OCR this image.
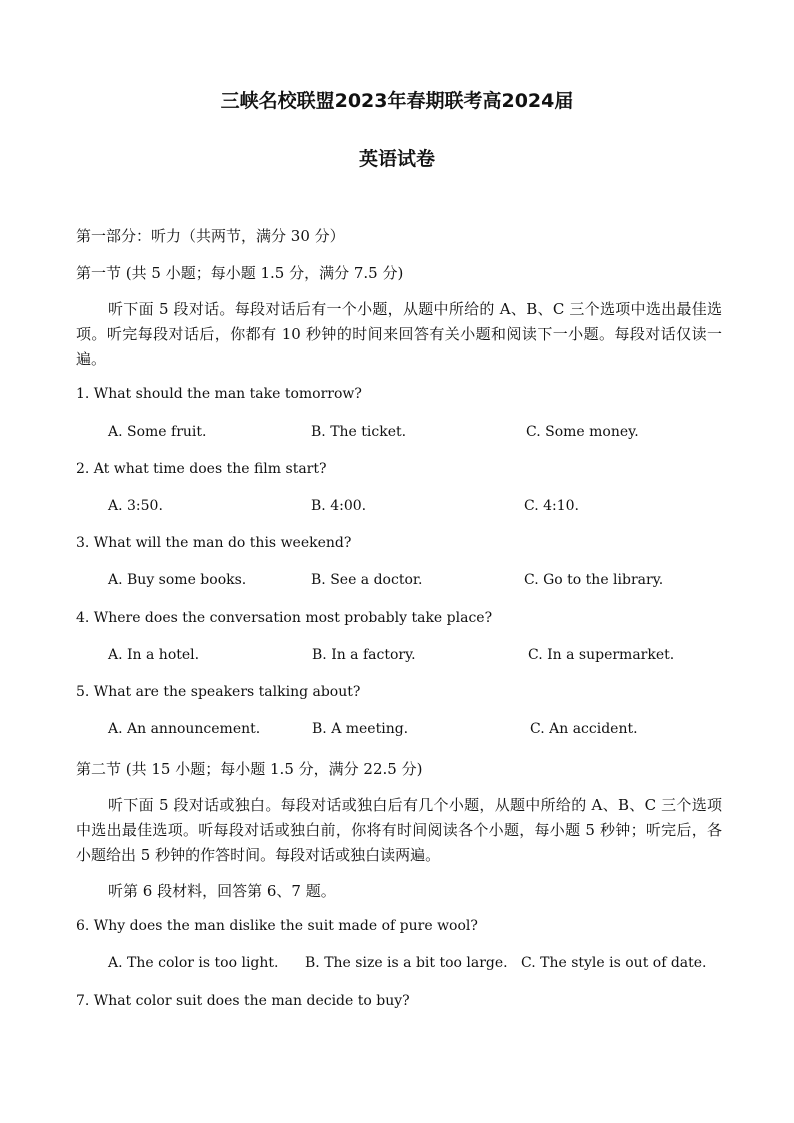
三峡名校联盟2023年春期联考高2024届
英语试卷
第一部分：听力（共两节，满分 30 分）
第一节 (共 5 小题；每小题 1.5 分，满分 7.5 分)
听下面 5 段对话。每段对话后有一个小题，从题中所给的 A、B、C 三个选项中选出最佳选项。听完每段对话后，你都有 10 秒钟的时间来回答有关小题和阅读下一小题。每段对话仅读一遍。
1. What should the man take tomorrow?
A. Some fruit.	B. The ticket.	C. Some money.
2. At what time does the film start?
A. 3:50.	B. 4:00.	C. 4:10.
3. What will the man do this weekend?
A. Buy some books.	B. See a doctor.	C. Go to the library.
4. Where does the conversation most probably take place?
A. In a hotel.	B. In a factory.	C. In a supermarket.
5. What are the speakers talking about?
A. An announcement.	B. A meeting.	C. An accident.
第二节 (共 15 小题；每小题 1.5 分，满分 22.5 分)
听下面 5 段对话或独白。每段对话或独白后有几个小题，从题中所给的 A、B、C 三个选项中选出最佳选项。听每段对话或独白前，你将有时间阅读各个小题，每小题 5 秒钟；听完后，各小题给出 5 秒钟的作答时间。每段对话或独白读两遍。
听第 6 段材料，回答第 6、7 题。
6. Why does the man dislike the suit made of pure wool?
A. The color is too light. B. The size is a bit too large. C. The style is out of date.
7. What color suit does the man decide to buy?
